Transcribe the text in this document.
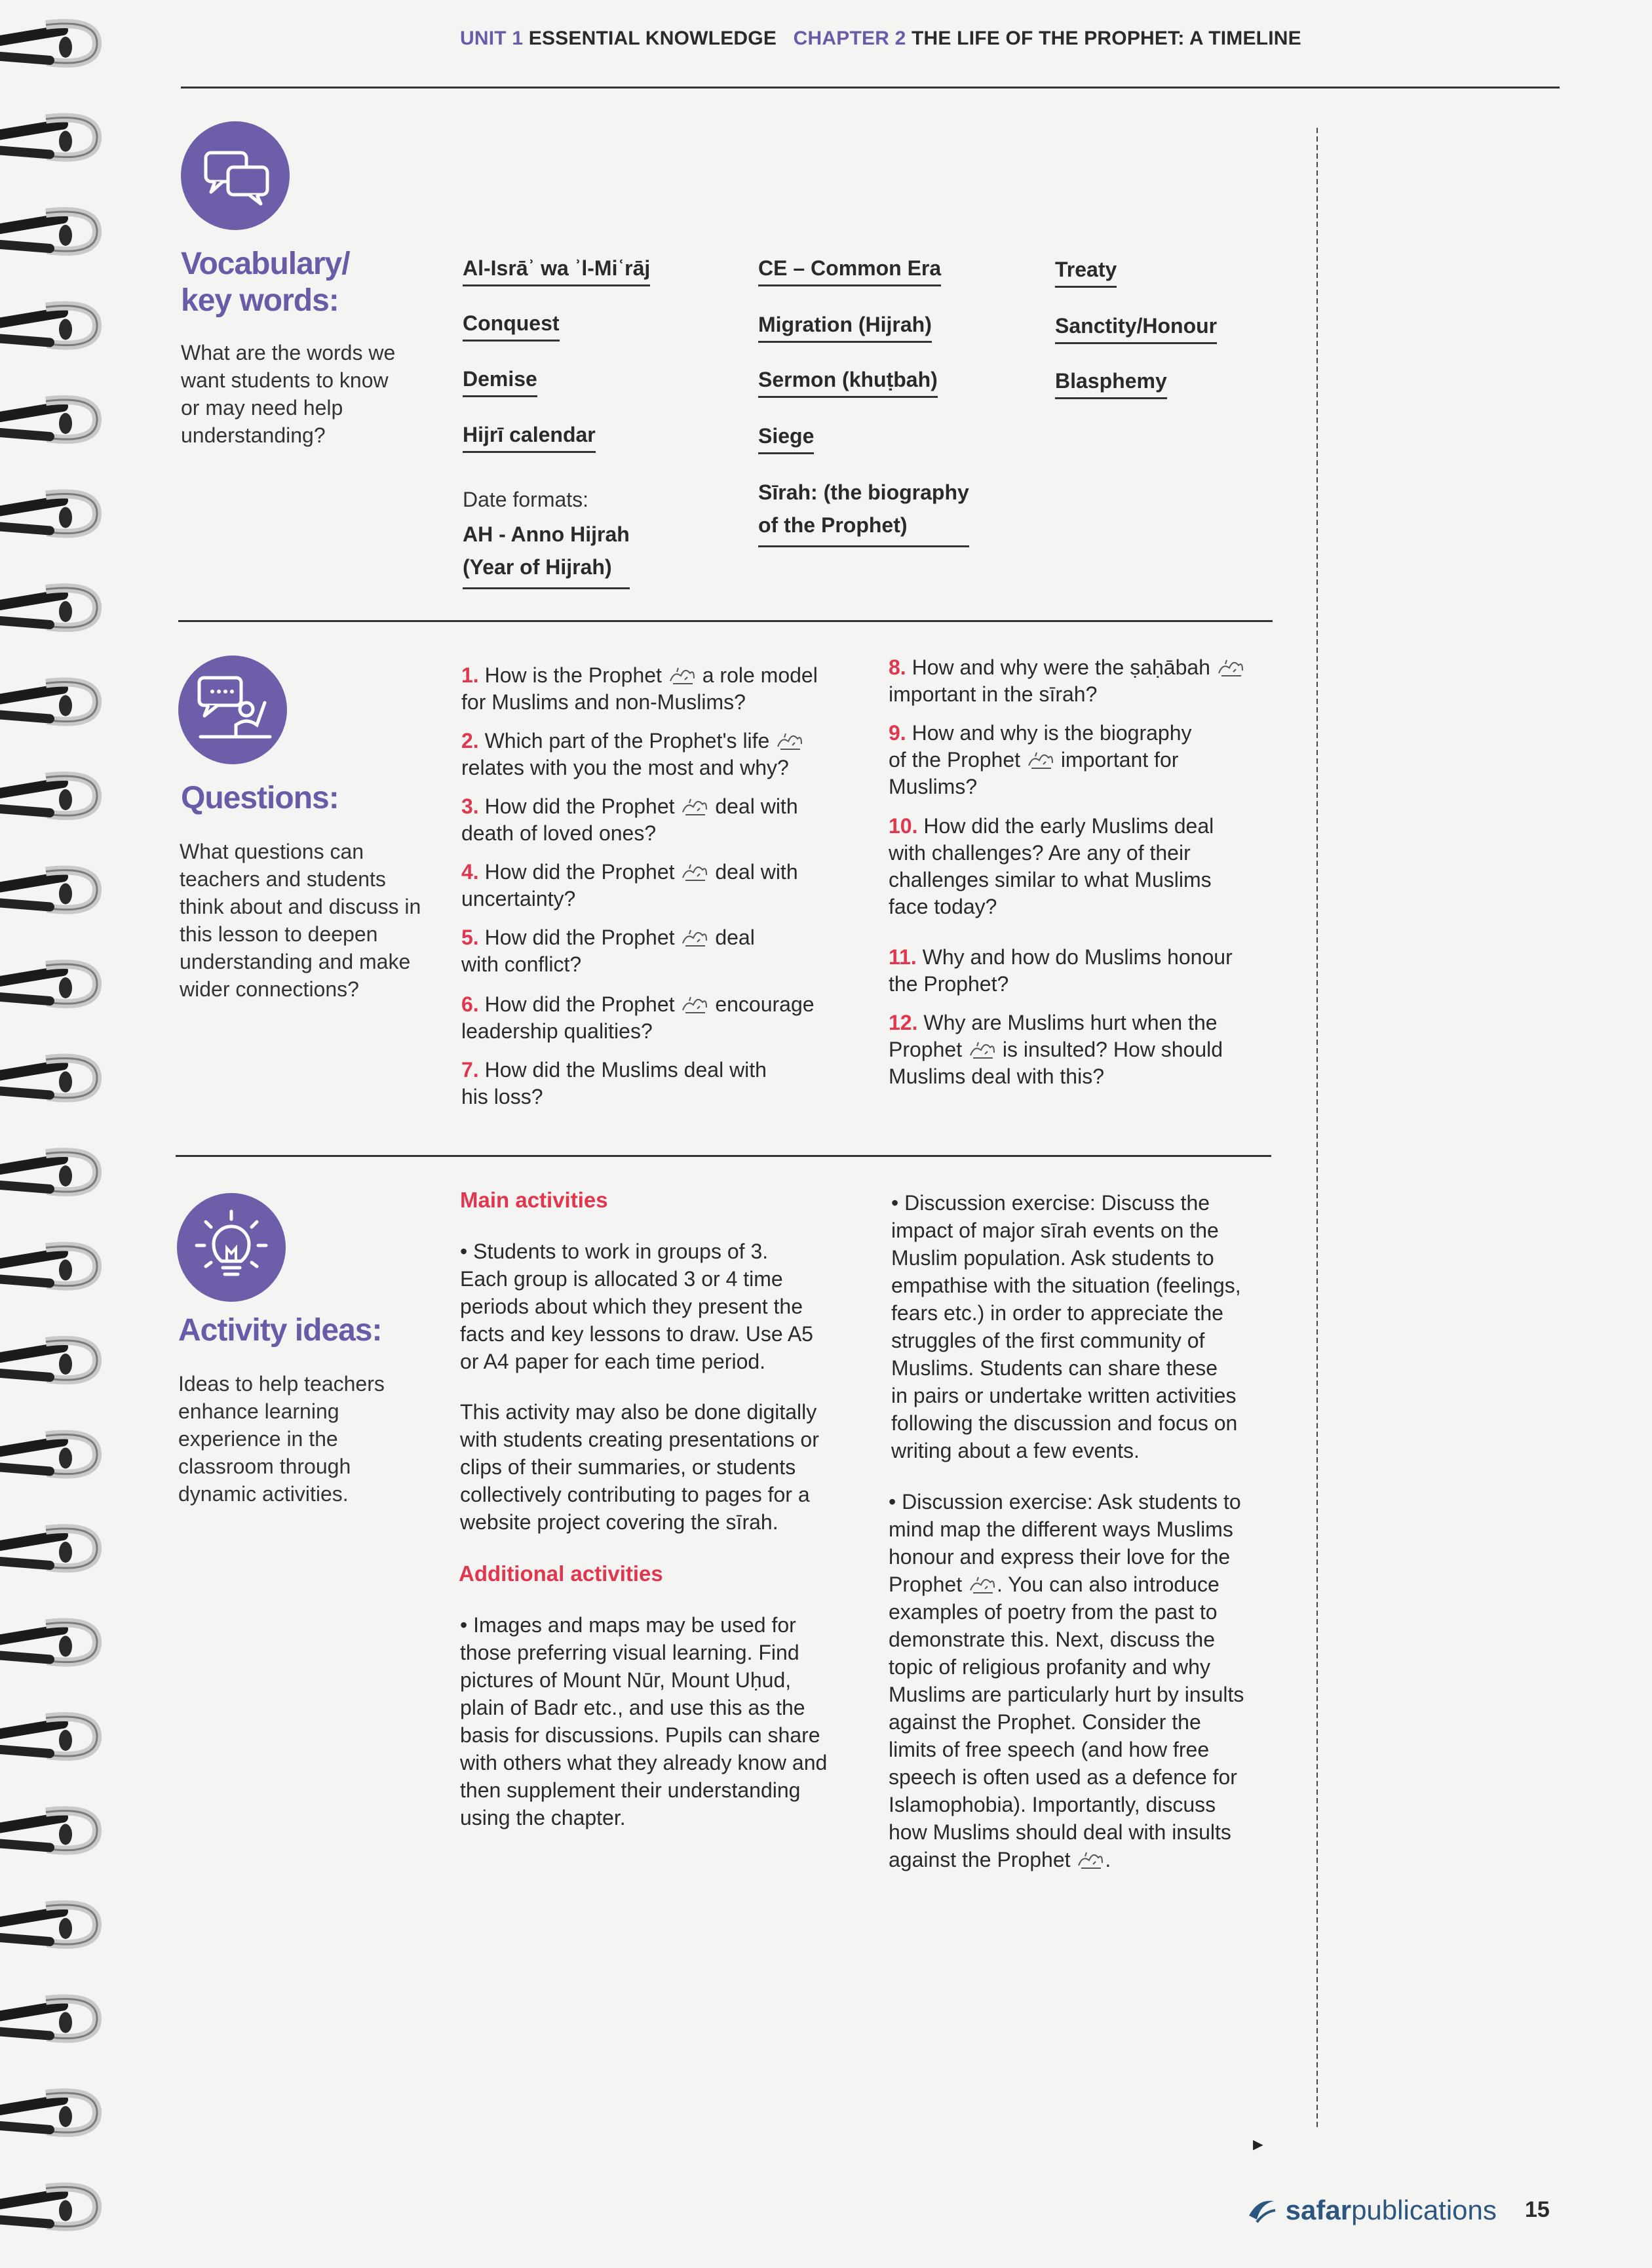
UNIT 1 ESSENTIAL KNOWLEDGE CHAPTER 2 THE LIFE OF THE PROPHET: A TIMELINE
Vocabulary/
key words:
What are the words we want students to know or may need help understanding?
Al-Isrāʾ wa ʾl-Miʿrāj
Conquest
Demise
Hijrī calendar
Date formats:
AH - Anno Hijrah
(Year of Hijrah)
CE – Common Era
Migration (Hijrah)
Sermon (khuṭbah)
Siege
Sīrah: (the biography
of the Prophet)
Treaty
Sanctity/Honour
Blasphemy
Questions:
What questions can teachers and students think about and discuss in this lesson to deepen understanding and make wider connections?
1. How is the Prophet a role model
for Muslims and non-Muslims?
2. Which part of the Prophet's life
relates with you the most and why?
3. How did the Prophet deal with
death of loved ones?
4. How did the Prophet deal with
uncertainty?
5. How did the Prophet deal
with conflict?
6. How did the Prophet encourage
leadership qualities?
7. How did the Muslims deal with
his loss?
8. How and why were the ṣaḥābah
important in the sīrah?
9. How and why is the biography
of the Prophet important for
Muslims?
10. How did the early Muslims deal
with challenges? Are any of their
challenges similar to what Muslims
face today?
11. Why and how do Muslims honour
the Prophet?
12. Why are Muslims hurt when the
Prophet is insulted? How should
Muslims deal with this?
Activity ideas:
Ideas to help teachers enhance learning experience in the classroom through dynamic activities.
Main activities
• Students to work in groups of 3.
Each group is allocated 3 or 4 time
periods about which they present the
facts and key lessons to draw. Use A5
or A4 paper for each time period.
This activity may also be done digitally
with students creating presentations or
clips of their summaries, or students
collectively contributing to pages for a
website project covering the sīrah.
Additional activities
• Images and maps may be used for
those preferring visual learning. Find
pictures of Mount Nūr, Mount Uḥud,
plain of Badr etc., and use this as the
basis for discussions. Pupils can share
with others what they already know and
then supplement their understanding
using the chapter.
• Discussion exercise: Discuss the
impact of major sīrah events on the
Muslim population. Ask students to
empathise with the situation (feelings,
fears etc.) in order to appreciate the
struggles of the first community of
Muslims. Students can share these
in pairs or undertake written activities
following the discussion and focus on
writing about a few events.
• Discussion exercise: Ask students to
mind map the different ways Muslims
honour and express their love for the
Prophet . You can also introduce
examples of poetry from the past to
demonstrate this. Next, discuss the
topic of religious profanity and why
Muslims are particularly hurt by insults
against the Prophet. Consider the
limits of free speech (and how free
speech is often used as a defence for
Islamophobia). Importantly, discuss
how Muslims should deal with insults
against the Prophet .
►
safarpublications 15
